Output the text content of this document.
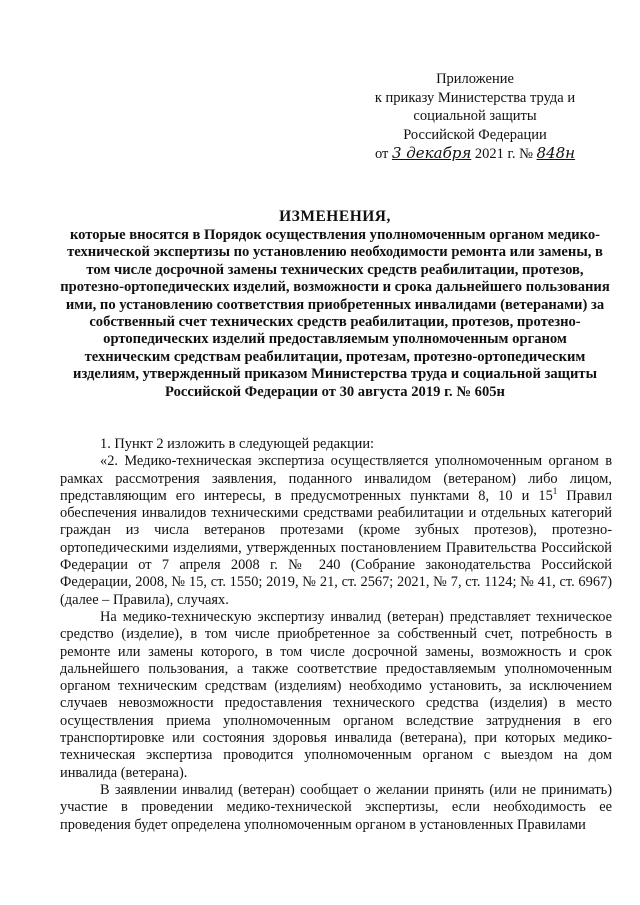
Приложение
к приказу Министерства труда и
социальной защиты
Российской Федерации
от 3 декабря 2021 г. № 848н
ИЗМЕНЕНИЯ,
которые вносятся в Порядок осуществления уполномоченным органом медико-технической экспертизы по установлению необходимости ремонта или замены, в том числе досрочной замены технических средств реабилитации, протезов, протезно-ортопедических изделий, возможности и срока дальнейшего пользования ими, по установлению соответствия приобретенных инвалидами (ветеранами) за собственный счет технических средств реабилитации, протезов, протезно-ортопедических изделий предоставляемым уполномоченным органом техническим средствам реабилитации, протезам, протезно-ортопедическим изделиям, утвержденный приказом Министерства труда и социальной защиты Российской Федерации от 30 августа 2019 г. № 605н

1. Пункт 2 изложить в следующей редакции:

«2. Медико-техническая экспертиза осуществляется уполномоченным органом в рамках рассмотрения заявления, поданного инвалидом (ветераном) либо лицом, представляющим его интересы, в предусмотренных пунктами 8, 10 и $15^1$ Правил обеспечения инвалидов техническими средствами реабилитации и отдельных категорий граждан из числа ветеранов протезами (кроме зубных протезов), протезно-ортопедическими изделиями, утвержденных постановлением Правительства Российской Федерации от 7 апреля 2008 г. № 240 (Собрание законодательства Российской Федерации, 2008, № 15, ст. 1550; 2019, № 21, ст. 2567; 2021, № 7, ст. 1124; № 41, ст. 6967) (далее – Правила), случаях.

На медико-техническую экспертизу инвалид (ветеран) представляет техническое средство (изделие), в том числе приобретенное за собственный счет, потребность в ремонте или замены которого, в том числе досрочной замены, возможность и срок дальнейшего пользования, а также соответствие предоставляемым уполномоченным органом техническим средствам (изделиям) необходимо установить, за исключением случаев невозможности предоставления технического средства (изделия) в место осуществления приема уполномоченным органом вследствие затруднения в его транспортировке или состояния здоровья инвалида (ветерана), при которых медико-техническая экспертиза проводится уполномоченным органом с выездом на дом инвалида (ветерана).

В заявлении инвалид (ветеран) сообщает о желании принять (или не принимать) участие в проведении медико-технической экспертизы, если необходимость ее проведения будет определена уполномоченным органом в установленных Правилами
